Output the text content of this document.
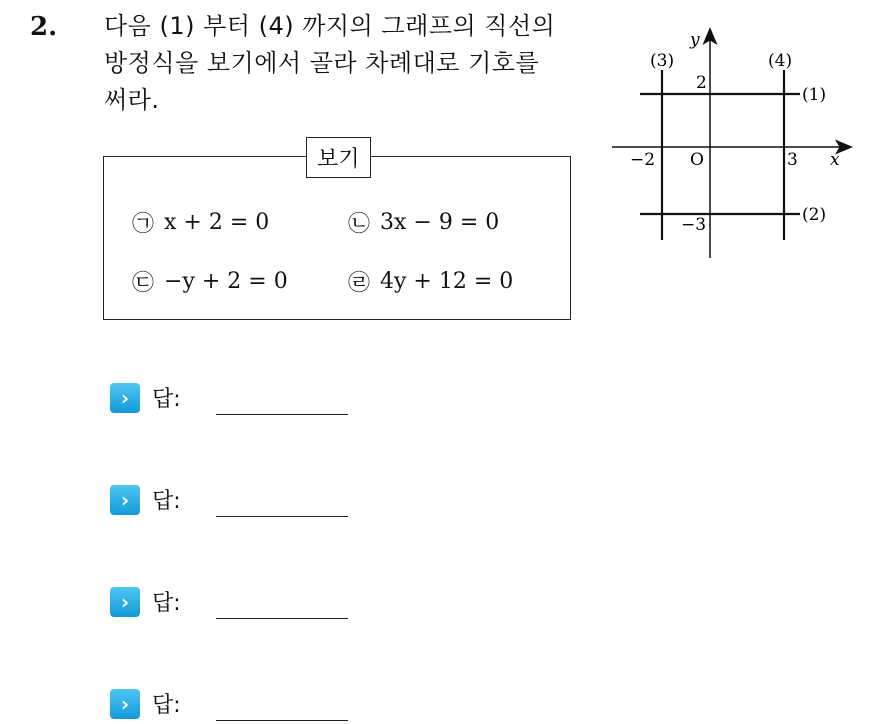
2. 다음 (1) 부터 (4) 까지의 그래프의 직선의
방정식을 보기에서 골라 차례대로 기호를
써라.
보기
㉠ x + 2 = 0	㉡ 3x − 9 = 0
㉢ −y + 2 = 0	㉣ 4y + 12 = 0
y
x
O
−2	3
2
−3
(3)	(4)
(1)
(2)
›	답:
›	답:
›	답:
›	답:
